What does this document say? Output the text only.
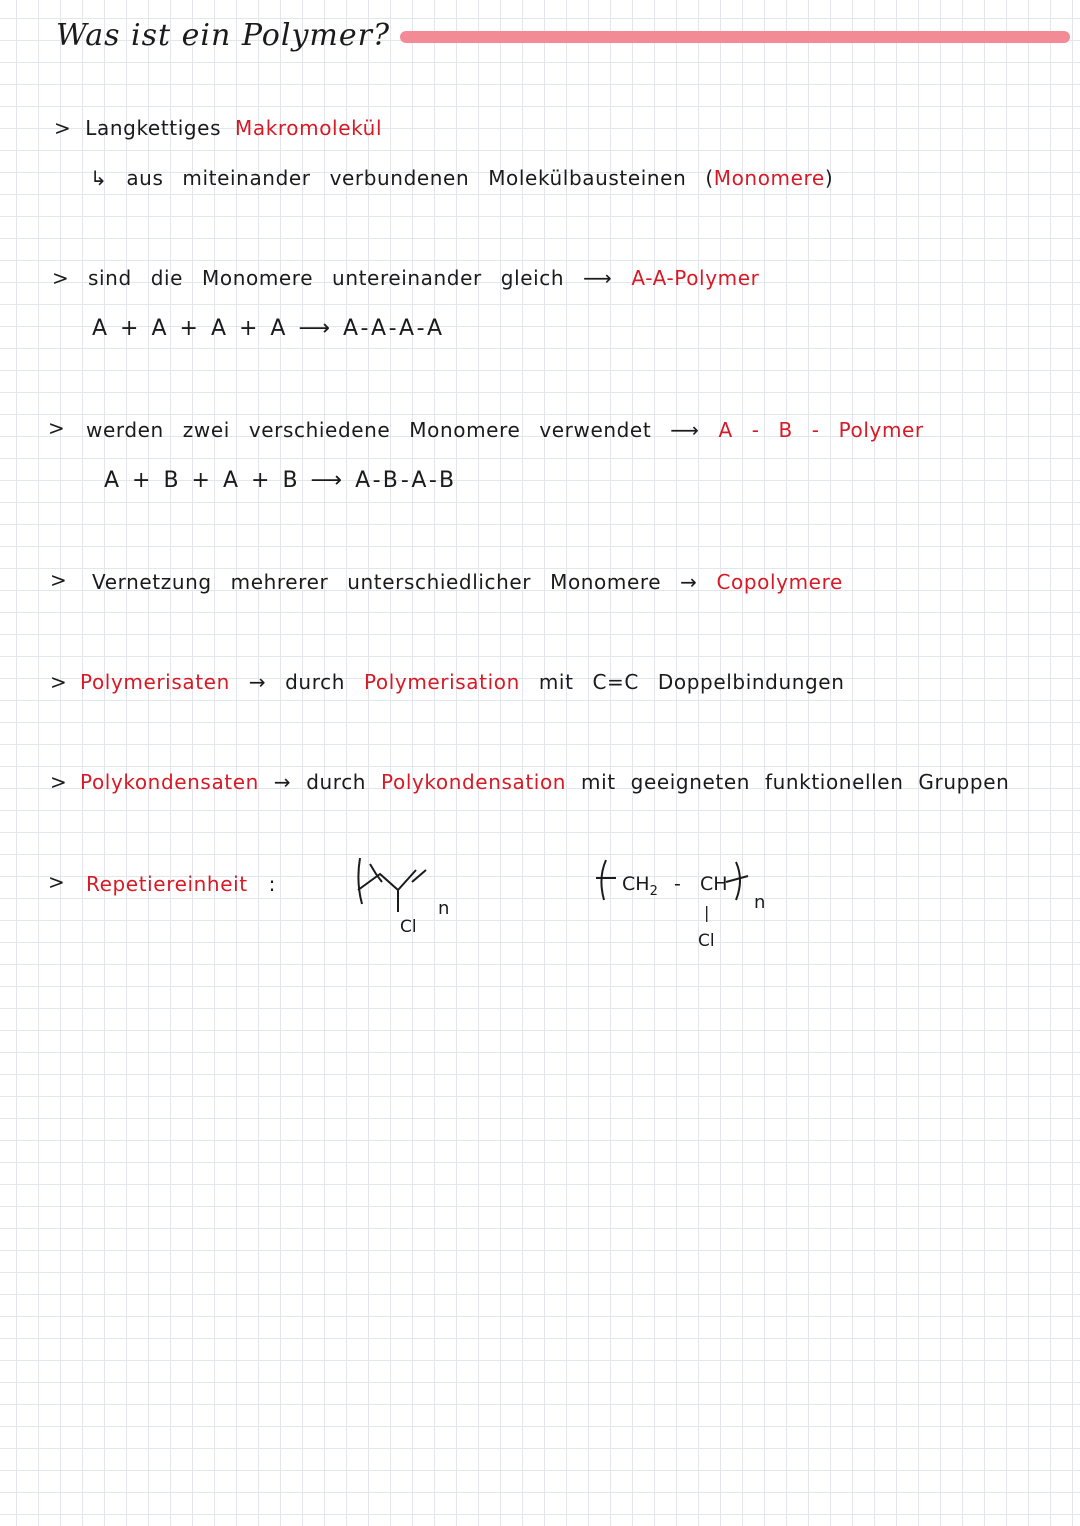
Was ist ein Polymer?
> Langkettiges Makromolekül
↳ aus miteinander verbundenen Molekülbausteinen (Monomere)
> sind die Monomere untereinander gleich ⟶ A-A-Polymer
A + A + A + A ⟶ A-A-A-A
> werden zwei verschiedene Monomere verwendet ⟶ A - B - Polymer
A + B + A + B ⟶ A-B-A-B
> Vernetzung mehrerer unterschiedlicher Monomere → Copolymere
> Polymerisaten → durch Polymerisation mit C=C Doppelbindungen
> Polykondensaten → durch Polykondensation mit geeigneten funktionellen Gruppen
> Repetiereinheit :
n
Cl
$CH_2$ - CH
n
|
Cl
